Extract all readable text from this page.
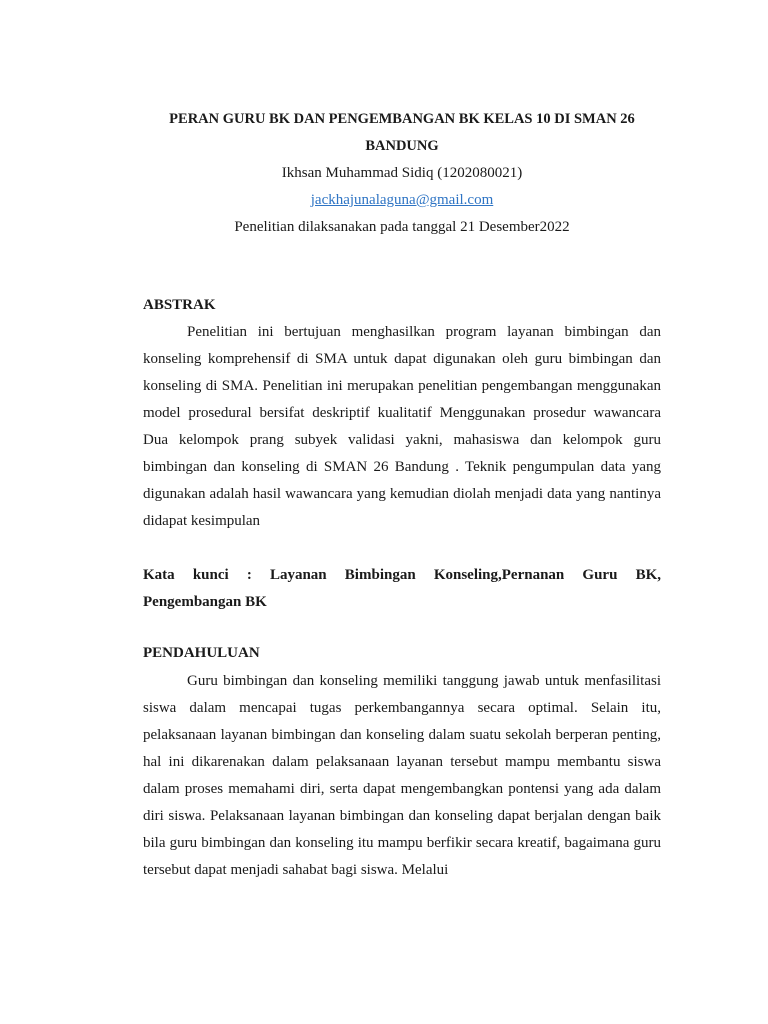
PERAN GURU BK DAN PENGEMBANGAN BK KELAS 10 DI SMAN 26 BANDUNG

Ikhsan Muhammad Sidiq (1202080021)

jackhajunalaguna@gmail.com

Penelitian dilaksanakan pada tanggal 21 Desember2022

ABSTRAK

Penelitian ini bertujuan menghasilkan program layanan bimbingan dan konseling komprehensif di SMA untuk dapat digunakan oleh guru bimbingan dan konseling di SMA. Penelitian ini merupakan penelitian pengembangan menggunakan model prosedural bersifat deskriptif kualitatif Menggunakan prosedur wawancara Dua kelompok prang subyek validasi yakni, mahasiswa dan kelompok guru bimbingan dan konseling di SMAN 26 Bandung . Teknik pengumpulan data yang digunakan adalah hasil wawancara yang kemudian diolah menjadi data yang nantinya didapat kesimpulan

Kata kunci : Layanan Bimbingan Konseling,Pernanan Guru BK, Pengembangan BK

PENDAHULUAN

Guru bimbingan dan konseling memiliki tanggung jawab untuk menfasilitasi siswa dalam mencapai tugas perkembangannya secara optimal. Selain itu, pelaksanaan layanan bimbingan dan konseling dalam suatu sekolah berperan penting, hal ini dikarenakan dalam pelaksanaan layanan tersebut mampu membantu siswa dalam proses memahami diri, serta dapat mengembangkan pontensi yang ada dalam diri siswa. Pelaksanaan layanan bimbingan dan konseling dapat berjalan dengan baik bila guru bimbingan dan konseling itu mampu berfikir secara kreatif, bagaimana guru tersebut dapat menjadi sahabat bagi siswa. Melalui
